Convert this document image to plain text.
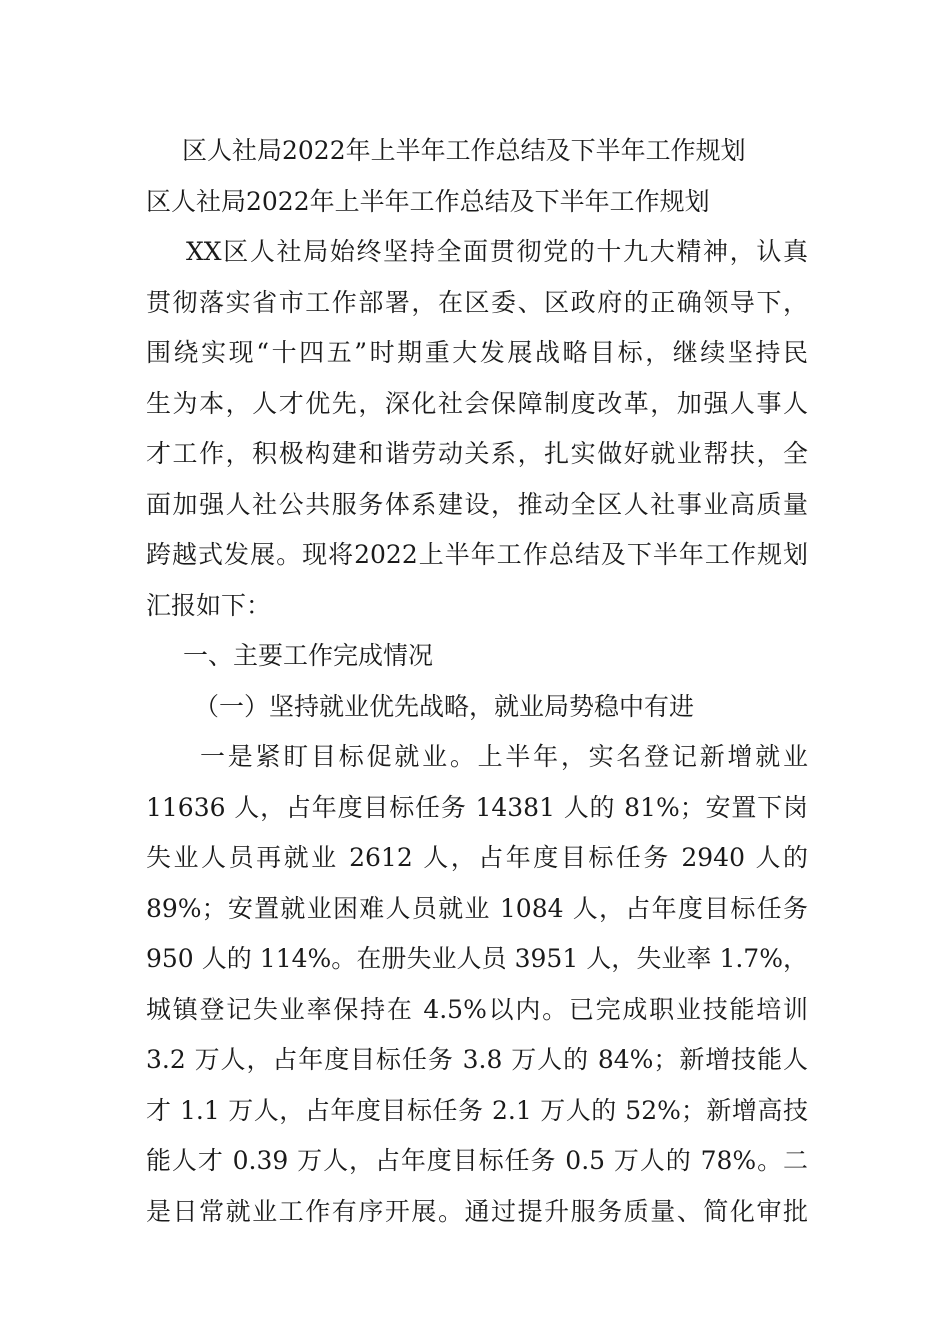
区人社局2022年上半年工作总结及下半年工作规划
区人社局2022年上半年工作总结及下半年工作规划
XX区人社局始终坚持全面贯彻党的十九大精神，认真
贯彻落实省市工作部署，在区委、区政府的正确领导下，
围绕实现“十四五”时期重大发展战略目标，继续坚持民
生为本，人才优先，深化社会保障制度改革，加强人事人
才工作，积极构建和谐劳动关系，扎实做好就业帮扶，全
面加强人社公共服务体系建设，推动全区人社事业高质量
跨越式发展。现将2022上半年工作总结及下半年工作规划
汇报如下：
一、主要工作完成情况
（一）坚持就业优先战略，就业局势稳中有进
一是紧盯目标促就业。上半年，实名登记新增就业
11636 人，占年度目标任务 14381 人的 81%；安置下岗
失业人员再就业 2612 人，占年度目标任务 2940 人的
89%；安置就业困难人员就业 1084 人，占年度目标任务
950 人的 114%。在册失业人员 3951 人，失业率 1.7%，
城镇登记失业率保持在 4.5%以内。已完成职业技能培训
3.2 万人，占年度目标任务 3.8 万人的 84%；新增技能人
才 1.1 万人，占年度目标任务 2.1 万人的 52%；新增高技
能人才 0.39 万人，占年度目标任务 0.5 万人的 78%。二
是日常就业工作有序开展。通过提升服务质量、简化审批
